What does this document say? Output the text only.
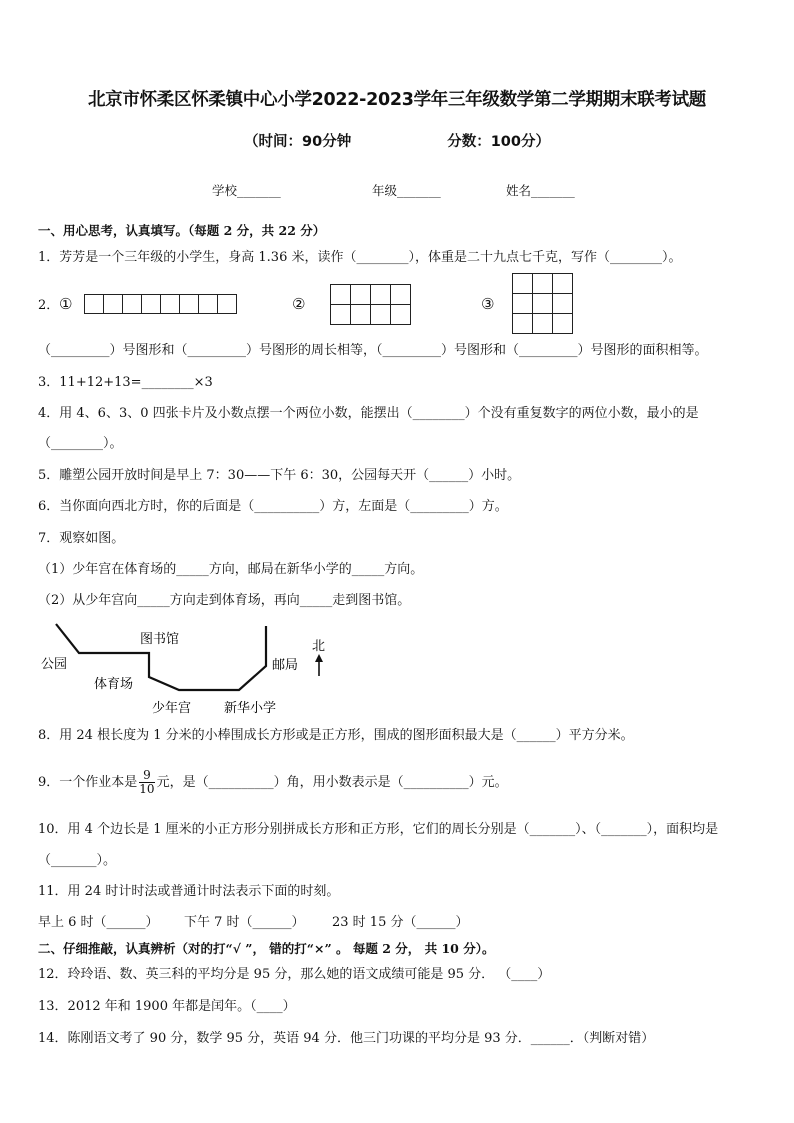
北京市怀柔区怀柔镇中心小学2022-2023学年三年级数学第二学期期末联考试题
（时间：90分钟	分数：100分）
学校_______	年级_______	姓名_______
一、用心思考，认真填写。（每题 2 分，共 22 分）
1．芳芳是一个三年级的小学生，身高 1.36 米，读作（________），体重是二十九点七千克，写作（________）。
2． ①
								②

				③

（_________）号图形和（_________）号图形的周长相等，（_________）号图形和（_________）号图形的面积相等。
3．11+12+13=________×3
4．用 4、6、3、0 四张卡片及小数点摆一个两位小数，能摆出（________）个没有重复数字的两位小数，最小的是
（________）。
5．雕塑公园开放时间是早上 7：30——下午 6：30，公园每天开（______）小时。
6．当你面向西北方时，你的后面是（__________）方，左面是（_________）方。
7．观察如图。
（1）少年宫在体育场的_____方向，邮局在新华小学的_____方向。
（2）从少年宫向_____方向走到体育场，再向_____走到图书馆。
公园
图书馆
体育场
少年宫	新华小学
邮局
北
8．用 24 根长度为 1 分米的小棒围成长方形或是正方形，围成的图形面积最大是（______）平方分米。
9．一个作业本是 $\frac{9}{10}$ 元，是（__________）角，用小数表示是（__________）元。
10．用 4 个边长是 1 厘米的小正方形分别拼成长方形和正方形，它们的周长分别是（_______）、（_______），面积均是
（_______）。
11．用 24 时计时法或普通计时法表示下面的时刻。
早上 6 时（______） 下午 7 时（______） 23 时 15 分（______）
二、仔细推敲，认真辨析（对的打“√ ”， 错的打“×” 。 每题 2 分， 共 10 分）。
12．玲玲语、数、英三科的平均分是 95 分，那么她的语文成绩可能是 95 分． （____）
13．2012 年和 1900 年都是闰年。（____）
14．陈刚语文考了 90 分，数学 95 分，英语 94 分．他三门功课的平均分是 93 分．______．（判断对错）
